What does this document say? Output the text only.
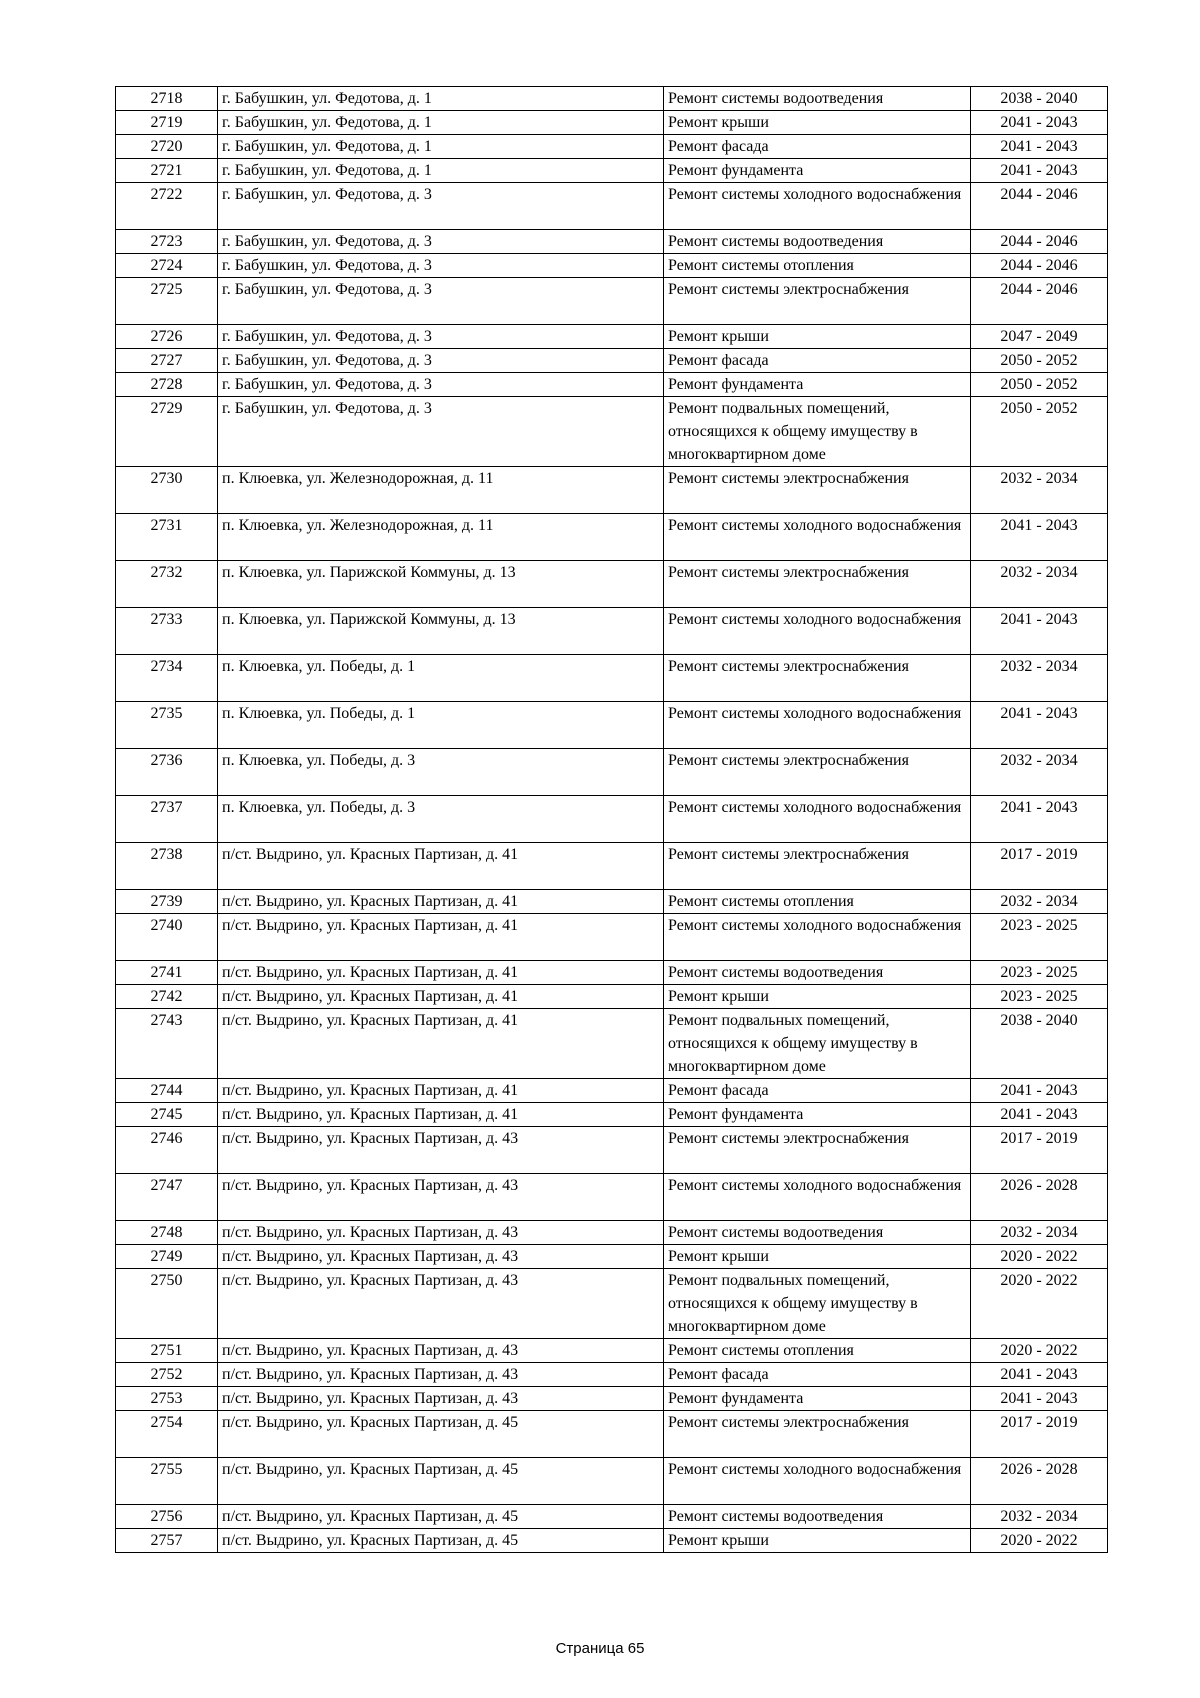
2718	г. Бабушкин, ул. Федотова, д. 1	Ремонт системы водоотведения	2038 - 2040
2719	г. Бабушкин, ул. Федотова, д. 1	Ремонт крыши	2041 - 2043
2720	г. Бабушкин, ул. Федотова, д. 1	Ремонт фасада	2041 - 2043
2721	г. Бабушкин, ул. Федотова, д. 1	Ремонт фундамента	2041 - 2043
2722	г. Бабушкин, ул. Федотова, д. 3	Ремонт системы холодного водоснабжения	2044 - 2046
2723	г. Бабушкин, ул. Федотова, д. 3	Ремонт системы водоотведения	2044 - 2046
2724	г. Бабушкин, ул. Федотова, д. 3	Ремонт системы отопления	2044 - 2046
2725	г. Бабушкин, ул. Федотова, д. 3	Ремонт системы электроснабжения	2044 - 2046
2726	г. Бабушкин, ул. Федотова, д. 3	Ремонт крыши	2047 - 2049
2727	г. Бабушкин, ул. Федотова, д. 3	Ремонт фасада	2050 - 2052
2728	г. Бабушкин, ул. Федотова, д. 3	Ремонт фундамента	2050 - 2052
2729	г. Бабушкин, ул. Федотова, д. 3	Ремонт подвальных помещений, относящихся к общему имуществу в многоквартирном доме	2050 - 2052
2730	п. Клюевка, ул. Железнодорожная, д. 11	Ремонт системы электроснабжения	2032 - 2034
2731	п. Клюевка, ул. Железнодорожная, д. 11	Ремонт системы холодного водоснабжения	2041 - 2043
2732	п. Клюевка, ул. Парижской Коммуны, д. 13	Ремонт системы электроснабжения	2032 - 2034
2733	п. Клюевка, ул. Парижской Коммуны, д. 13	Ремонт системы холодного водоснабжения	2041 - 2043
2734	п. Клюевка, ул. Победы, д. 1	Ремонт системы электроснабжения	2032 - 2034
2735	п. Клюевка, ул. Победы, д. 1	Ремонт системы холодного водоснабжения	2041 - 2043
2736	п. Клюевка, ул. Победы, д. 3	Ремонт системы электроснабжения	2032 - 2034
2737	п. Клюевка, ул. Победы, д. 3	Ремонт системы холодного водоснабжения	2041 - 2043
2738	п/ст. Выдрино, ул. Красных Партизан, д. 41	Ремонт системы электроснабжения	2017 - 2019
2739	п/ст. Выдрино, ул. Красных Партизан, д. 41	Ремонт системы отопления	2032 - 2034
2740	п/ст. Выдрино, ул. Красных Партизан, д. 41	Ремонт системы холодного водоснабжения	2023 - 2025
2741	п/ст. Выдрино, ул. Красных Партизан, д. 41	Ремонт системы водоотведения	2023 - 2025
2742	п/ст. Выдрино, ул. Красных Партизан, д. 41	Ремонт крыши	2023 - 2025
2743	п/ст. Выдрино, ул. Красных Партизан, д. 41	Ремонт подвальных помещений, относящихся к общему имуществу в многоквартирном доме	2038 - 2040
2744	п/ст. Выдрино, ул. Красных Партизан, д. 41	Ремонт фасада	2041 - 2043
2745	п/ст. Выдрино, ул. Красных Партизан, д. 41	Ремонт фундамента	2041 - 2043
2746	п/ст. Выдрино, ул. Красных Партизан, д. 43	Ремонт системы электроснабжения	2017 - 2019
2747	п/ст. Выдрино, ул. Красных Партизан, д. 43	Ремонт системы холодного водоснабжения	2026 - 2028
2748	п/ст. Выдрино, ул. Красных Партизан, д. 43	Ремонт системы водоотведения	2032 - 2034
2749	п/ст. Выдрино, ул. Красных Партизан, д. 43	Ремонт крыши	2020 - 2022
2750	п/ст. Выдрино, ул. Красных Партизан, д. 43	Ремонт подвальных помещений, относящихся к общему имуществу в многоквартирном доме	2020 - 2022
2751	п/ст. Выдрино, ул. Красных Партизан, д. 43	Ремонт системы отопления	2020 - 2022
2752	п/ст. Выдрино, ул. Красных Партизан, д. 43	Ремонт фасада	2041 - 2043
2753	п/ст. Выдрино, ул. Красных Партизан, д. 43	Ремонт фундамента	2041 - 2043
2754	п/ст. Выдрино, ул. Красных Партизан, д. 45	Ремонт системы электроснабжения	2017 - 2019
2755	п/ст. Выдрино, ул. Красных Партизан, д. 45	Ремонт системы холодного водоснабжения	2026 - 2028
2756	п/ст. Выдрино, ул. Красных Партизан, д. 45	Ремонт системы водоотведения	2032 - 2034
2757	п/ст. Выдрино, ул. Красных Партизан, д. 45	Ремонт крыши	2020 - 2022
Страница 65
